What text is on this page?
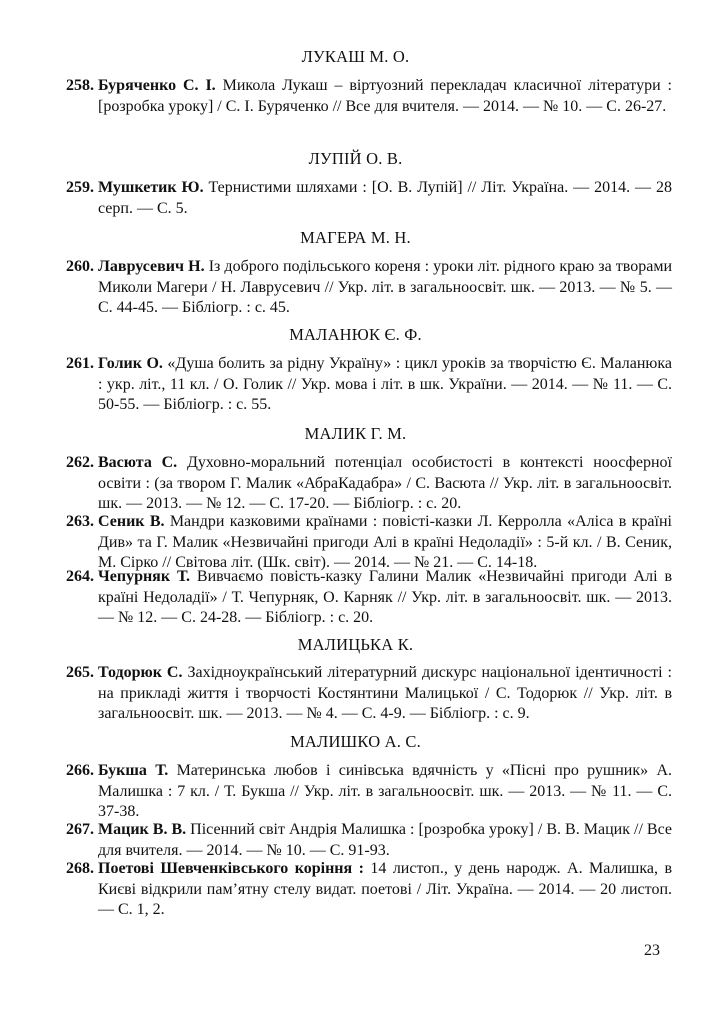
ЛУКАШ М. О.
258. Буряченко С. І. Микола Лукаш – віртуозний перекладач класичної літератури : [розробка уроку] / С. І. Буряченко // Все для вчителя. — 2014. — № 10. — С. 26-27.
ЛУПІЙ О. В.
259. Мушкетик Ю. Тернистими шляхами : [О. В. Лупій] // Літ. Україна. — 2014. — 28 серп. — С. 5.
МАГЕРА М. Н.
260. Лаврусевич Н. Із доброго подільського кореня : уроки літ. рідного краю за творами Миколи Магери / Н. Лаврусевич // Укр. літ. в загальноосвіт. шк. — 2013. — № 5. — С. 44-45. — Бібліогр. : с. 45.
МАЛАНЮК Є. Ф.
261. Голик О. «Душа болить за рідну Україну» : цикл уроків за творчістю Є. Маланюка : укр. літ., 11 кл. / О. Голик // Укр. мова і літ. в шк. України. — 2014. — № 11. — С. 50-55. — Бібліогр. : с. 55.
МАЛИК Г. М.
262. Васюта С. Духовно-моральний потенціал особистості в контексті ноосферної освіти : (за твором Г. Малик «АбраКадабра» / С. Васюта // Укр. літ. в загальноосвіт. шк. — 2013. — № 12. — С. 17-20. — Бібліогр. : с. 20.
263. Сеник В. Мандри казковими країнами : повісті-казки Л. Керролла «Аліса в країні Див» та Г. Малик «Незвичайні пригоди Алі в країні Недоладії» : 5-й кл. / В. Сеник, М. Сірко // Світова літ. (Шк. світ). — 2014. — № 21. — С. 14-18.
264. Чепурняк Т. Вивчаємо повість-казку Галини Малик «Незвичайні пригоди Алі в країні Недоладії» / Т. Чепурняк, О. Карняк // Укр. літ. в загальноосвіт. шк. — 2013. — № 12. — С. 24-28. — Бібліогр. : с. 20.
МАЛИЦЬКА К.
265. Тодорюк С. Західноукраїнський літературний дискурс національної ідентичності : на прикладі життя і творчості Костянтини Малицької / С. Тодорюк // Укр. літ. в загальноосвіт. шк. — 2013. — № 4. — С. 4-9. — Бібліогр. : с. 9.
МАЛИШКО А. С.
266. Букша Т. Материнська любов і синівська вдячність у «Пісні про рушник» А. Малишка : 7 кл. / Т. Букша // Укр. літ. в загальноосвіт. шк. — 2013. — № 11. — С. 37-38.
267. Мацик В. В. Пісенний світ Андрія Малишка : [розробка уроку] / В. В. Мацик // Все для вчителя. — 2014. — № 10. — С. 91-93.
268. Поетові Шевченківського коріння : 14 листоп., у день народж. А. Малишка, в Києві відкрили пам’ятну стелу видат. поетові / Літ. Україна. — 2014. — 20 листоп. — С. 1, 2.
23
